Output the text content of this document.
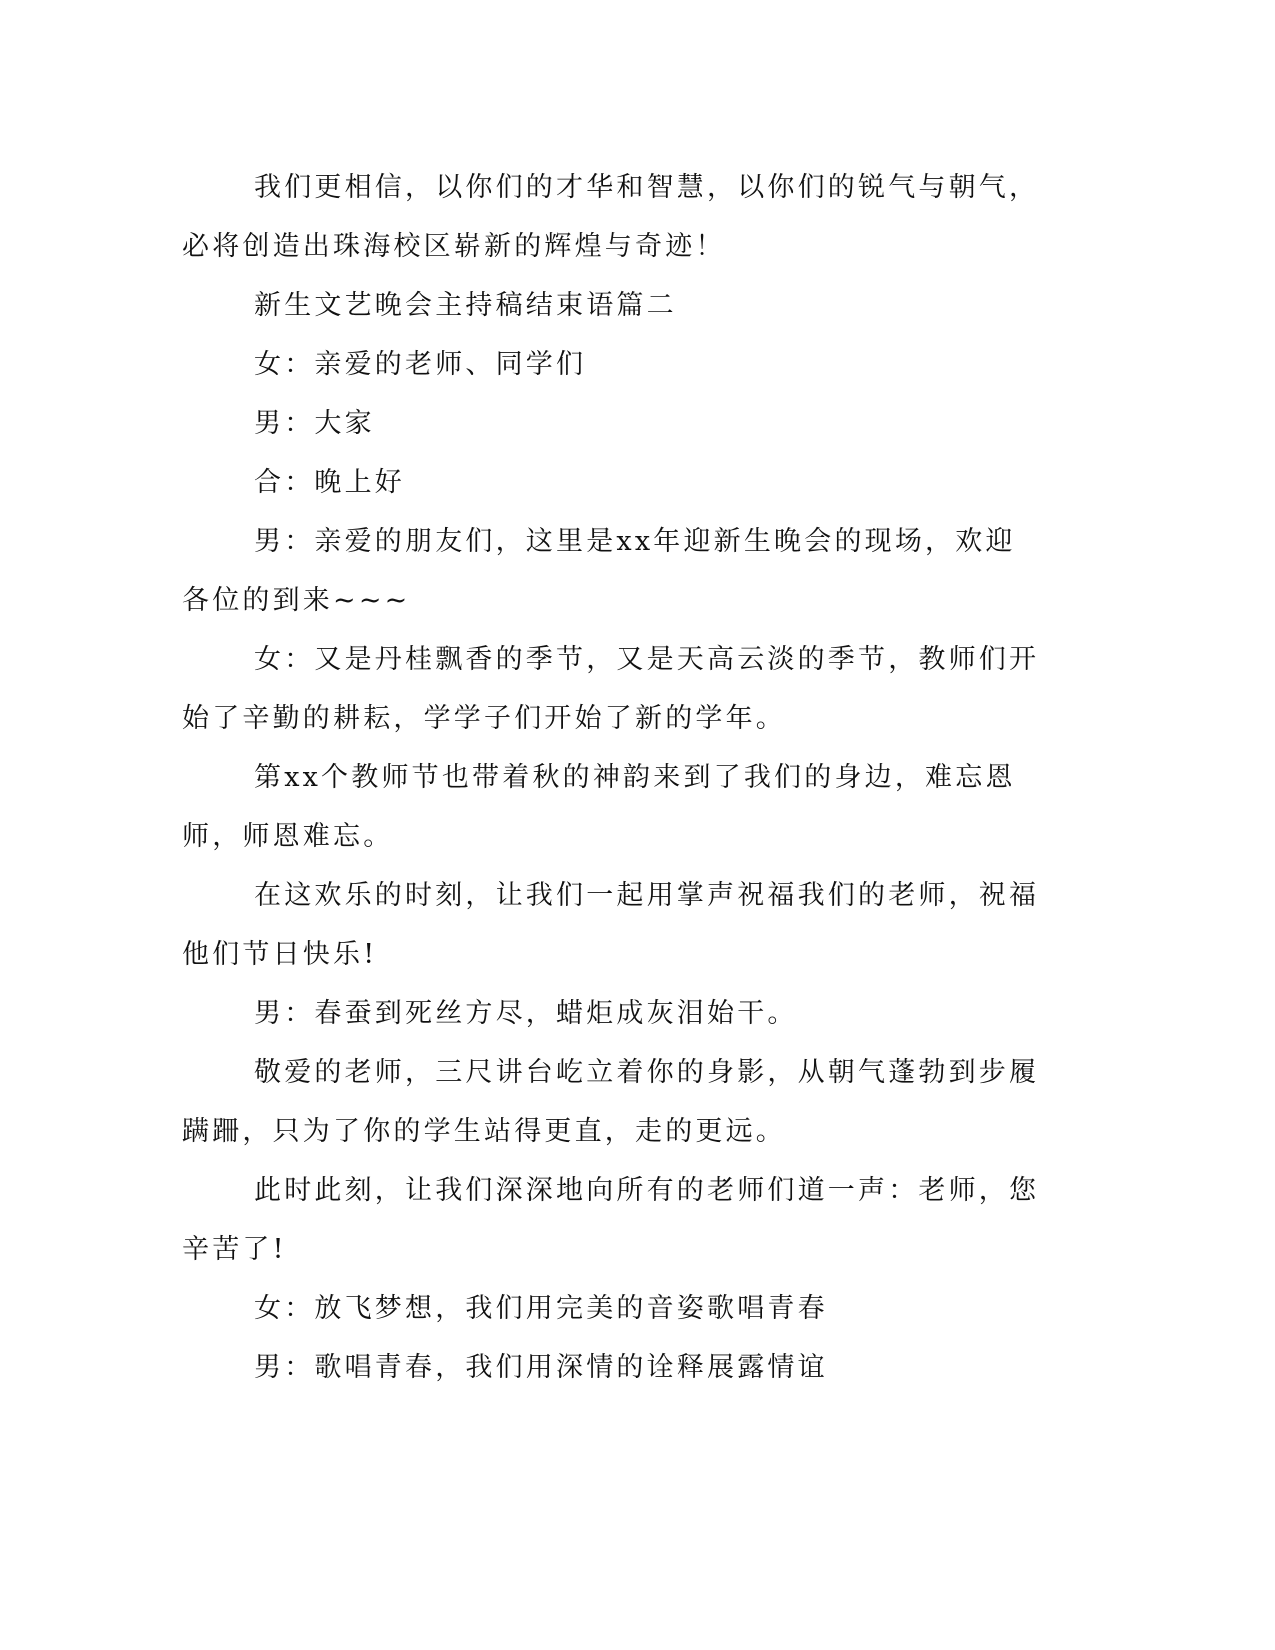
我们更相信，以你们的才华和智慧，以你们的锐气与朝气，必将创造出珠海校区崭新的辉煌与奇迹！

新生文艺晚会主持稿结束语篇二

女：亲爱的老师、同学们

男：大家

合：晚上好

男：亲爱的朋友们，这里是xx年迎新生晚会的现场，欢迎各位的到来~~~

女：又是丹桂飘香的季节，又是天高云淡的季节，教师们开始了辛勤的耕耘，学学子们开始了新的学年。

第xx个教师节也带着秋的神韵来到了我们的身边，难忘恩师，师恩难忘。

在这欢乐的时刻，让我们一起用掌声祝福我们的老师，祝福他们节日快乐!

男：春蚕到死丝方尽，蜡炬成灰泪始干。

敬爱的老师，三尺讲台屹立着你的身影，从朝气蓬勃到步履蹒跚，只为了你的学生站得更直，走的更远。

此时此刻，让我们深深地向所有的老师们道一声：老师，您辛苦了!

女：放飞梦想，我们用完美的音姿歌唱青春

男：歌唱青春，我们用深情的诠释展露情谊
